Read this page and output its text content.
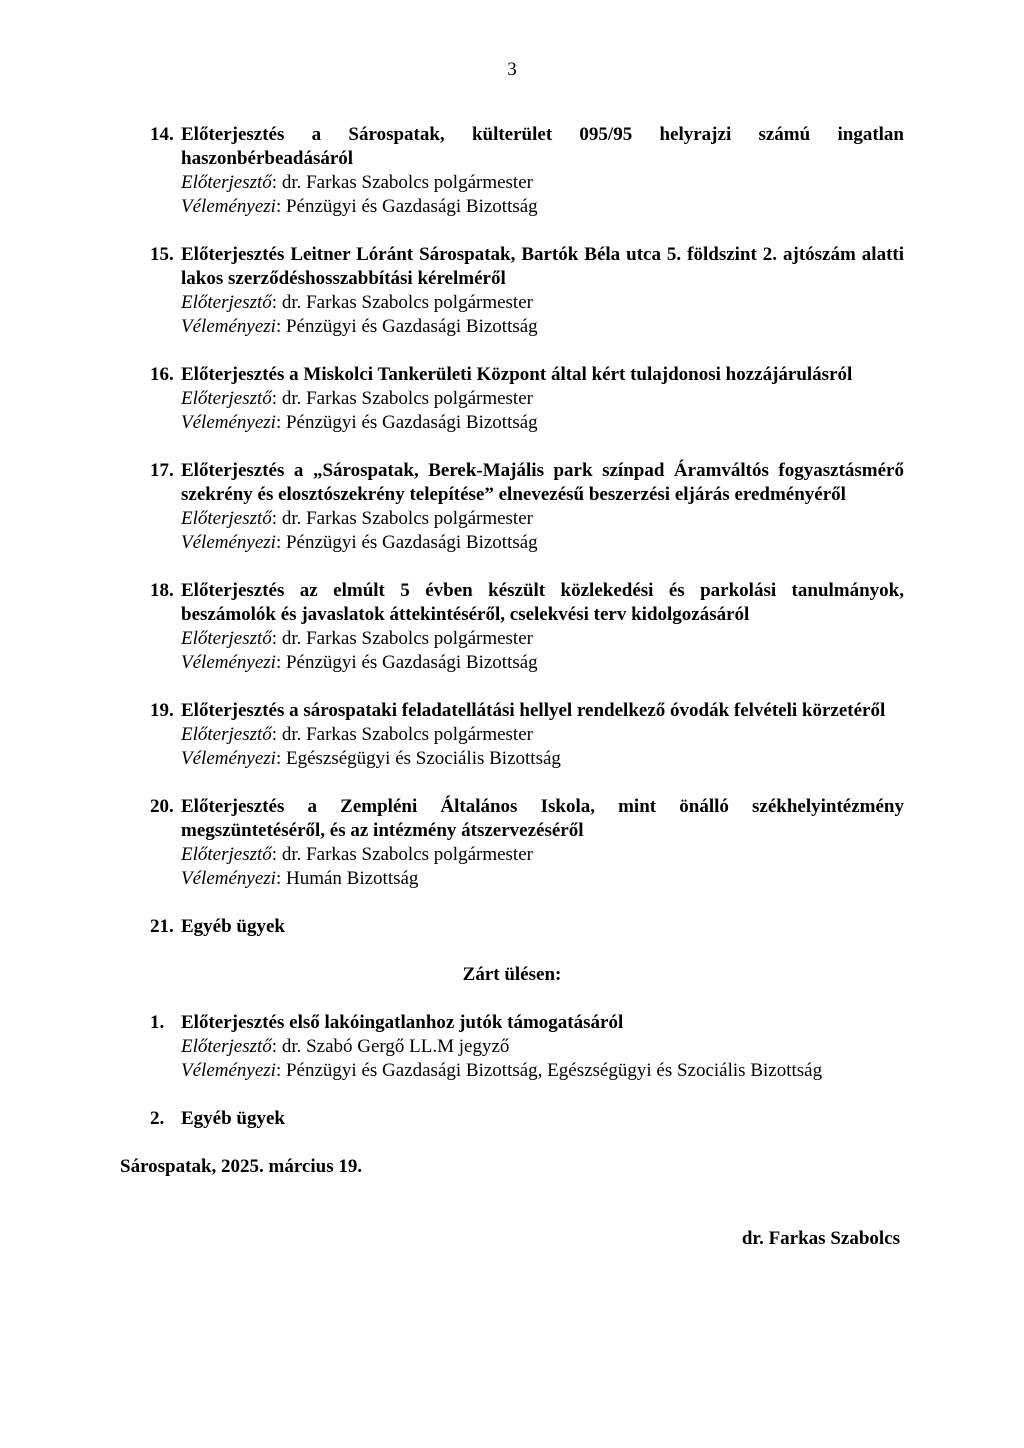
3
14. Előterjesztés a Sárospatak, külterület 095/95 helyrajzi számú ingatlan haszonbérbeadásáról
Előterjesztő: dr. Farkas Szabolcs polgármester
Véleményezi: Pénzügyi és Gazdasági Bizottság
15. Előterjesztés Leitner Lóránt Sárospatak, Bartók Béla utca 5. földszint 2. ajtószám alatti lakos szerződéshosszabbítási kérelméről
Előterjesztő: dr. Farkas Szabolcs polgármester
Véleményezi: Pénzügyi és Gazdasági Bizottság
16. Előterjesztés a Miskolci Tankerületi Központ által kért tulajdonosi hozzájárulásról
Előterjesztő: dr. Farkas Szabolcs polgármester
Véleményezi: Pénzügyi és Gazdasági Bizottság
17. Előterjesztés a „Sárospatak, Berek-Majális park színpad Áramváltós fogyasztásmérő szekrény és elosztószekrény telepítése” elnevezésű beszerzési eljárás eredményéről
Előterjesztő: dr. Farkas Szabolcs polgármester
Véleményezi: Pénzügyi és Gazdasági Bizottság
18. Előterjesztés az elmúlt 5 évben készült közlekedési és parkolási tanulmányok, beszámolók és javaslatok áttekintéséről, cselekvési terv kidolgozásáról
Előterjesztő: dr. Farkas Szabolcs polgármester
Véleményezi: Pénzügyi és Gazdasági Bizottság
19. Előterjesztés a sárospataki feladatellátási hellyel rendelkező óvodák felvételi körzetéről
Előterjesztő: dr. Farkas Szabolcs polgármester
Véleményezi: Egészségügyi és Szociális Bizottság
20. Előterjesztés a Zempléni Általános Iskola, mint önálló székhelyintézmény megszüntetéséről, és az intézmény átszervezéséről
Előterjesztő: dr. Farkas Szabolcs polgármester
Véleményezi: Humán Bizottság
21. Egyéb ügyek
Zárt ülésen:
1. Előterjesztés első lakóingatlanhoz jutók támogatásáról
Előterjesztő: dr. Szabó Gergő LL.M jegyző
Véleményezi: Pénzügyi és Gazdasági Bizottság, Egészségügyi és Szociális Bizottság
2. Egyéb ügyek
Sárospatak, 2025. március 19.
dr. Farkas Szabolcs
